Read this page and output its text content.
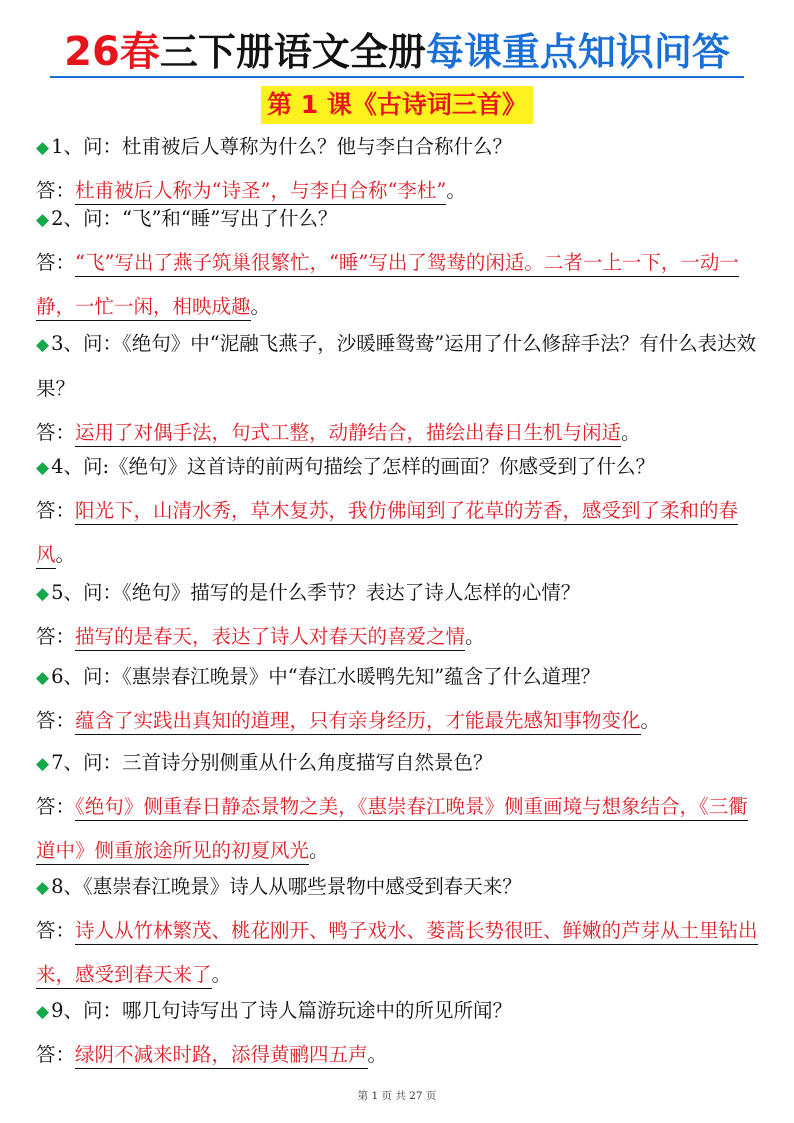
26春三下册语文全册每课重点知识问答
第 1 课《古诗词三首》
◆ 1、问：杜甫被后人尊称为什么？他与李白合称什么？
答：杜甫被后人称为“诗圣”，与李白合称“李杜”。
◆ 2、问：“飞”和“睡”写出了什么？
答：“飞”写出了燕子筑巢很繁忙，“睡”写出了鸳鸯的闲适。二者一上一下，一动一静，一忙一闲，相映成趣。
◆ 3、问：《绝句》中“泥融飞燕子，沙暖睡鸳鸯”运用了什么修辞手法？有什么表达效果？
答：运用了对偶手法，句式工整，动静结合，描绘出春日生机与闲适。
◆ 4、问:《绝句》这首诗的前两句描绘了怎样的画面？你感受到了什么？
答：阳光下，山清水秀，草木复苏，我仿佛闻到了花草的芳香，感受到了柔和的春风。
◆ 5、问：《绝句》描写的是什么季节？表达了诗人怎样的心情？
答：描写的是春天，表达了诗人对春天的喜爱之情。
◆ 6、问：《惠崇春江晚景》中“春江水暖鸭先知”蕴含了什么道理？
答：蕴含了实践出真知的道理，只有亲身经历，才能最先感知事物变化。
◆ 7、问：三首诗分别侧重从什么角度描写自然景色？
答：《绝句》侧重春日静态景物之美，《惠崇春江晚景》侧重画境与想象结合，《三衢道中》侧重旅途所见的初夏风光。
◆ 8、《惠崇春江晚景》诗人从哪些景物中感受到春天来？
答：诗人从竹林繁茂、桃花刚开、鸭子戏水、蒌蒿长势很旺、鲜嫩的芦芽从土里钻出来，感受到春天来了。
◆ 9、问：哪几句诗写出了诗人篇游玩途中的所见所闻？
答：绿阴不减来时路，添得黄鹂四五声。
第 1 页 共 27 页
